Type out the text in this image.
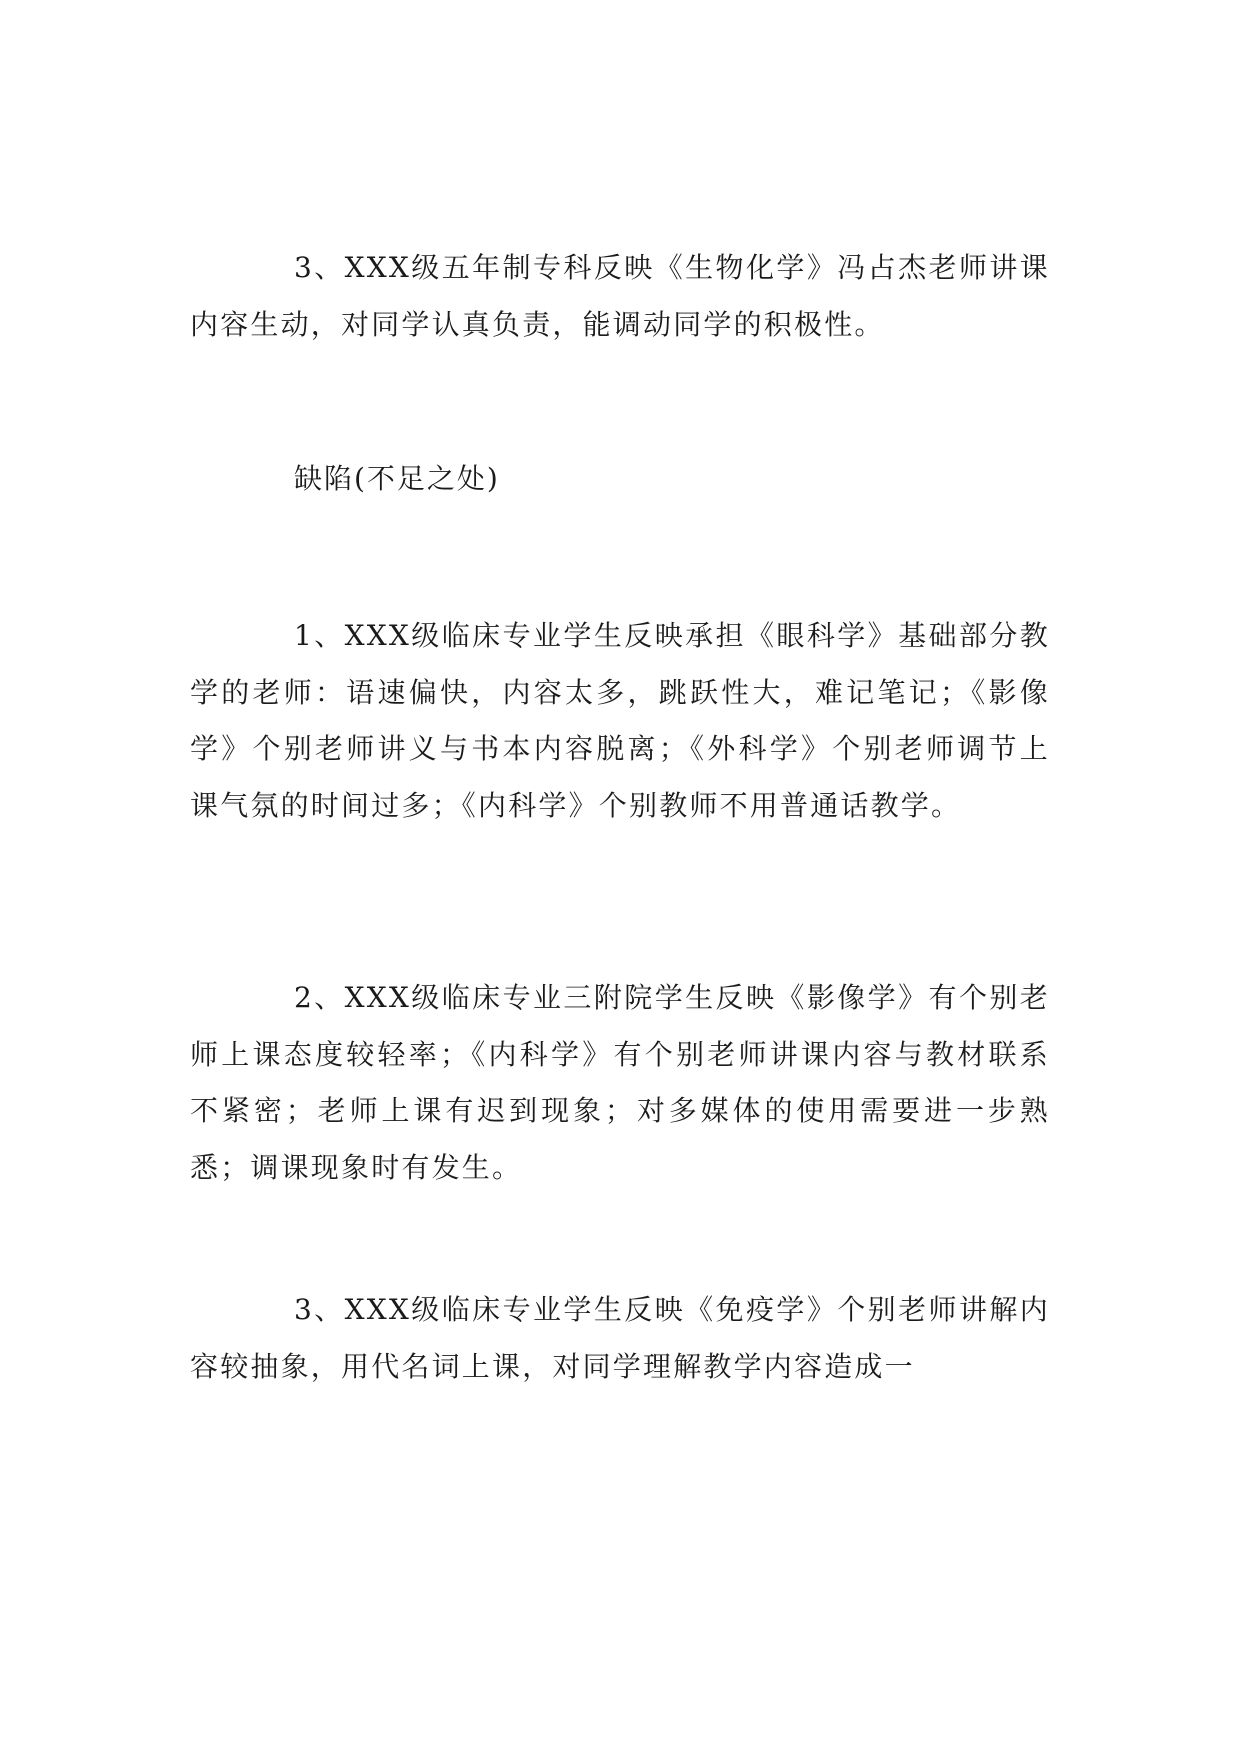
3、XXX级五年制专科反映《生物化学》冯占杰老师讲课内容生动，对同学认真负责，能调动同学的积极性。

缺陷(不足之处)

1、XXX级临床专业学生反映承担《眼科学》基础部分教学的老师：语速偏快，内容太多，跳跃性大，难记笔记；《影像学》个别老师讲义与书本内容脱离；《外科学》个别老师调节上课气氛的时间过多；《内科学》个别教师不用普通话教学。

2、XXX级临床专业三附院学生反映《影像学》有个别老师上课态度较轻率；《内科学》有个别老师讲课内容与教材联系不紧密；老师上课有迟到现象；对多媒体的使用需要进一步熟悉；调课现象时有发生。

3、XXX级临床专业学生反映《免疫学》个别老师讲解内容较抽象，用代名词上课，对同学理解教学内容造成一
